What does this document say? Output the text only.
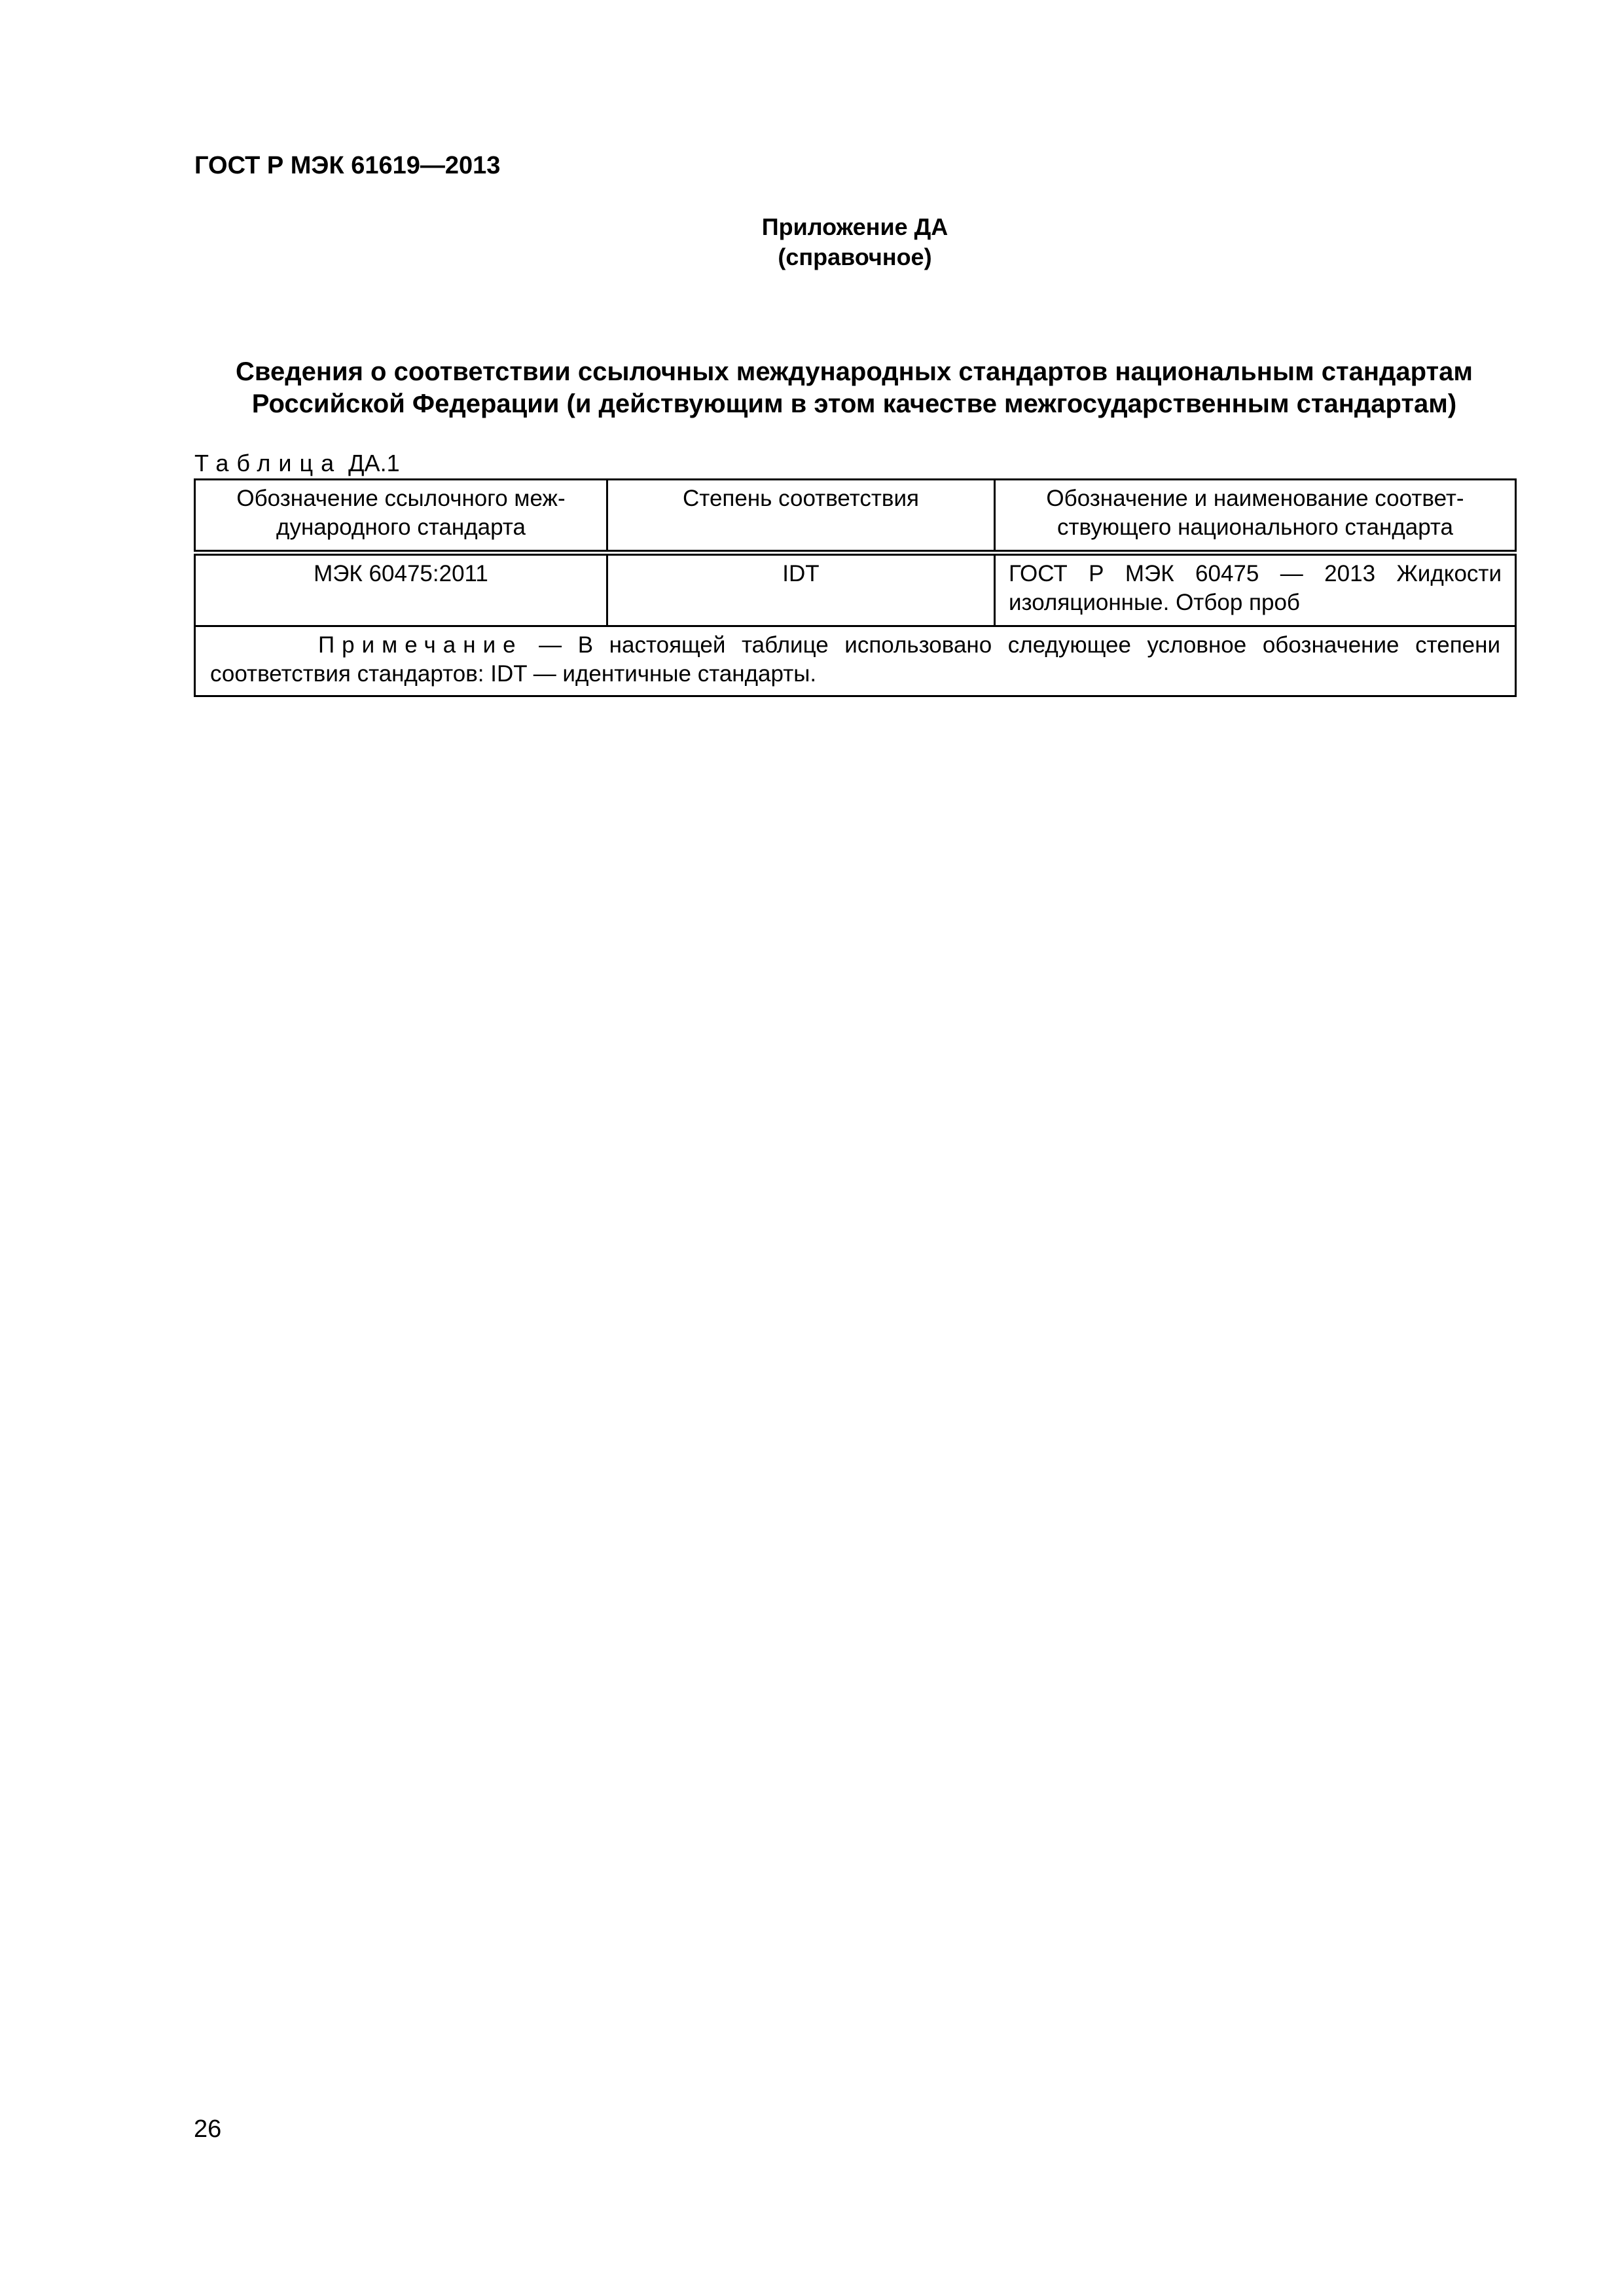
ГОСТ Р МЭК 61619—2013
Приложение ДА
(справочное)
Сведения о соответствии ссылочных международных стандартов национальным стандартам
Российской Федерации (и действующим в этом качестве межгосударственным стандартам)
Таблица ДА.1
Обозначение ссылочного меж- дународного стандарта	Степень соответствия	Обозначение и наименование соответ- ствующего национального стандарта
МЭК 60475:2011	IDT	ГОСТ Р МЭК 60475 — 2013 Жидкости изоляционные. Отбор проб

Примечание — В настоящей таблице использовано следующее условное обозначение степени
соответствия стандартов: IDT — идентичные стандарты.		
26
